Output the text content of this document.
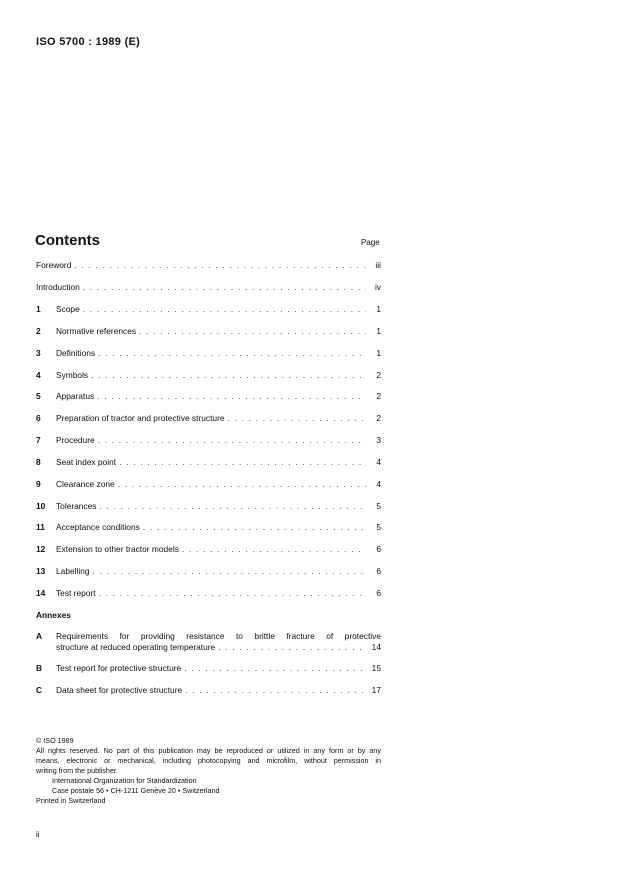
ISO 5700 : 1989 (E)
Contents	Page
Foreword . . .	iii
Introduction . . .	iv
1	Scope . . .	1
2	Normative references . . .	1
3	Definitions . . .	1
4	Symbols . . .	2
5	Apparatus . . .	2
6	Preparation of tractor and protective structure . . .	2
7	Procedure . . .	3
8	Seat index point . . .	4
9	Clearance zone . . .	4
10	Tolerances . . .	5
11	Acceptance conditions . . .	5
12	Extension to other tractor models . . .	6
13	Labelling . . .	6
14	Test report . . .	6
Annexes
A Requirements for providing resistance to brittle fracture of protective
structure at reduced operating temperature . . .	14
B	Test report for protective structure . . .	15
C	Data sheet for protective structure . . .	17
© ISO 1989
All rights reserved. No part of this publication may be reproduced or utilized in any form or by any
means, electronic or mechanical, including photocopying and microfilm, without permission in
writing from the publisher.
International Organization for Standardization
Case postale 56 • CH-1211 Genève 20 • Switzerland
Printed in Switzerland
ii
